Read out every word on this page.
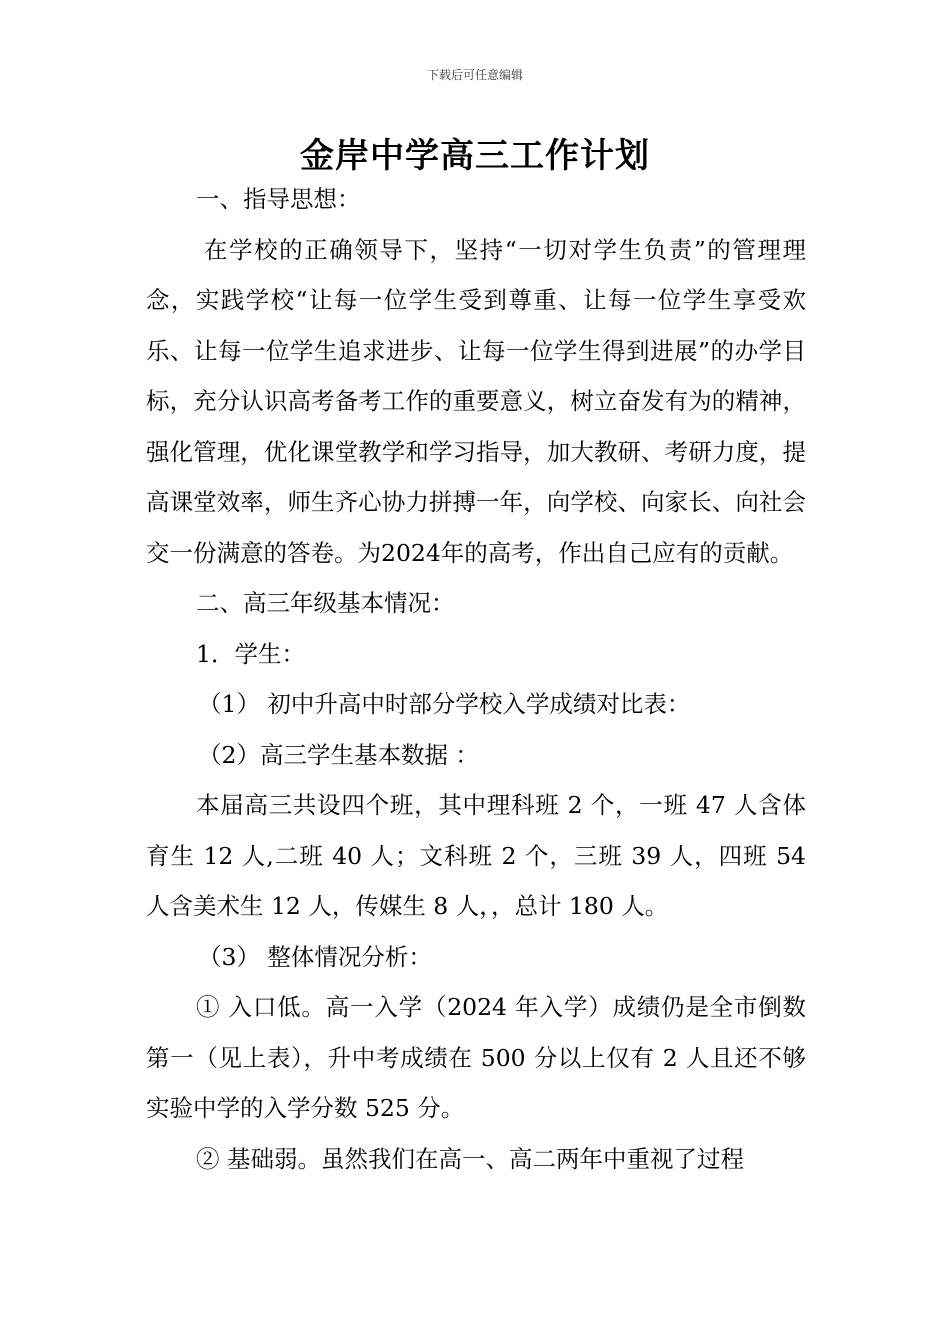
下载后可任意编辑
金岸中学高三工作计划

一、指导思想：

在学校的正确领导下，坚持“一切对学生负责”的管理理念，实践学校“让每一位学生受到尊重、让每一位学生享受欢乐、让每一位学生追求进步、让每一位学生得到进展”的办学目标，充分认识高考备考工作的重要意义，树立奋发有为的精神，强化管理，优化课堂教学和学习指导，加大教研、考研力度，提高课堂效率，师生齐心协力拼搏一年，向学校、向家长、向社会交一份满意的答卷。为2024年的高考，作出自己应有的贡献。

二、高三年级基本情况：

1．学生：

（1） 初中升高中时部分学校入学成绩对比表：

（2）高三学生基本数据 ：

本届高三共设四个班，其中理科班 2 个，一班 47 人含体育生 12 人,二班 40 人；文科班 2 个，三班 39 人，四班 54 人含美术生 12 人，传媒生 8 人，，总计 180 人。

（3） 整体情况分析：

① 入口低。高一入学（2024 年入学）成绩仍是全市倒数第一（见上表），升中考成绩在 500 分以上仅有 2 人且还不够实验中学的入学分数 525 分。

② 基础弱。虽然我们在高一、高二两年中重视了过程
